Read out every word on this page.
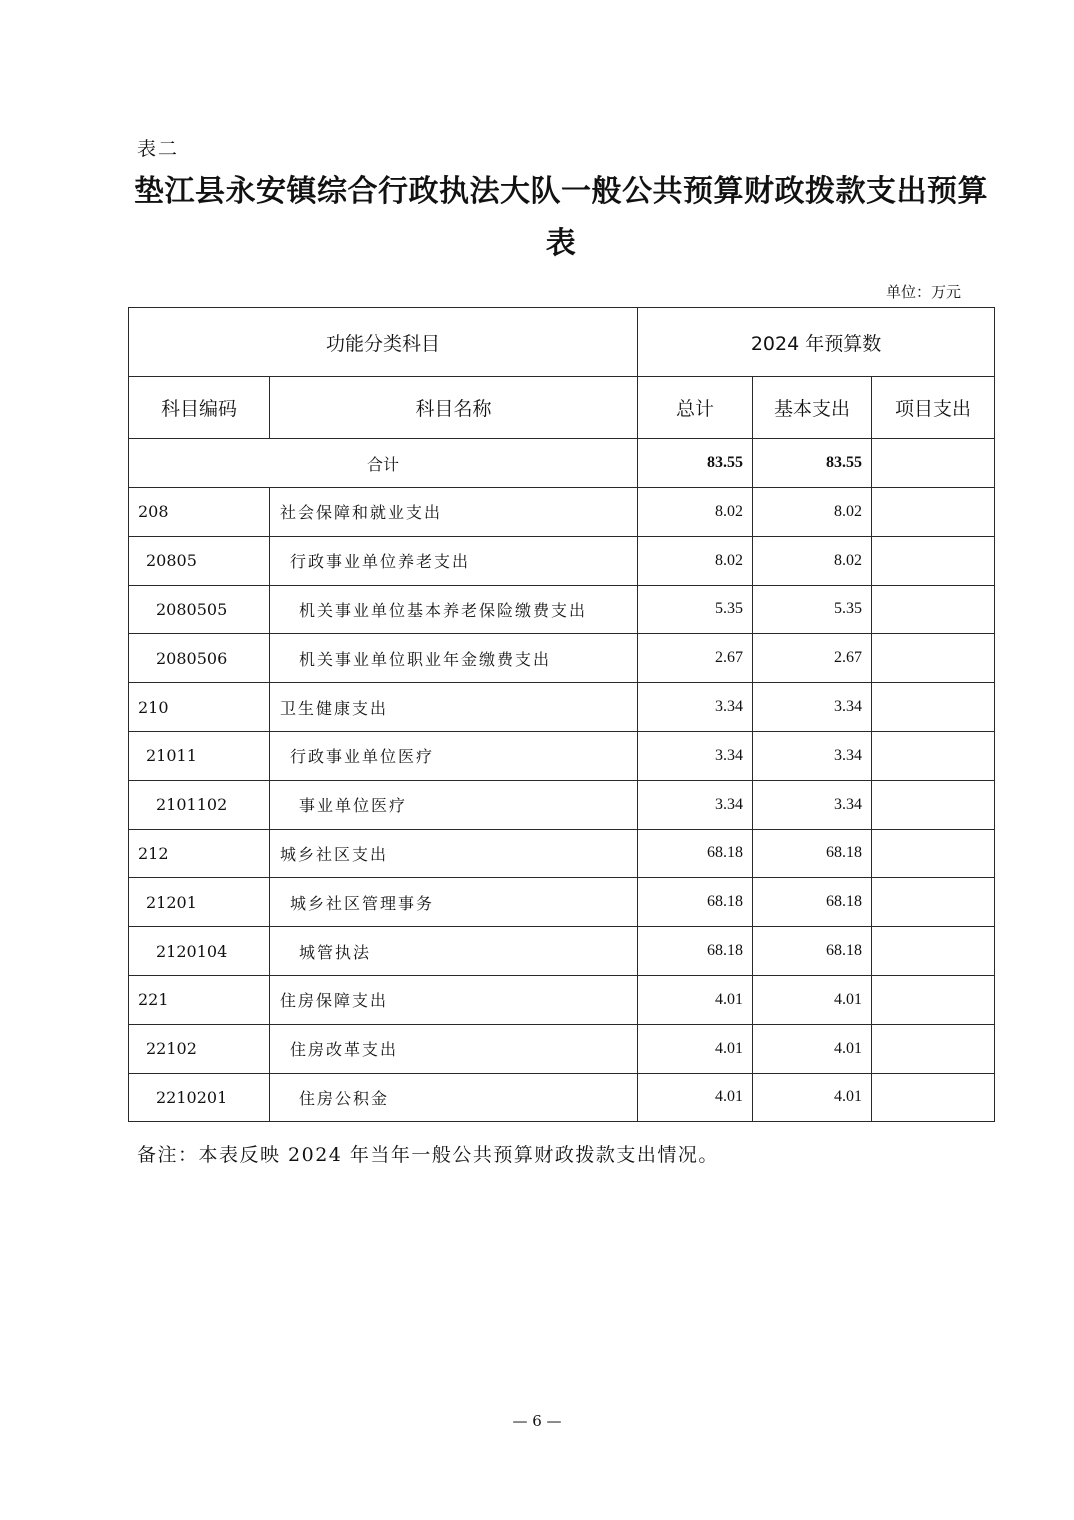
表二
垫江县永安镇综合行政执法大队一般公共预算财政拨款支出预算表
单位：万元
功能分类科目		2024 年预算数		
科目编码	科目名称	总计	基本支出	项目支出
合计		83.55	83.55	
208	社会保障和就业支出	8.02	8.02	
20805	行政事业单位养老支出	8.02	8.02	
2080505	机关事业单位基本养老保险缴费支出	5.35	5.35	
2080506	机关事业单位职业年金缴费支出	2.67	2.67	
210	卫生健康支出	3.34	3.34	
21011	行政事业单位医疗	3.34	3.34	
2101102	事业单位医疗	3.34	3.34	
212	城乡社区支出	68.18	68.18	
21201	城乡社区管理事务	68.18	68.18	
2120104	城管执法	68.18	68.18	
221	住房保障支出	4.01	4.01	
22102	住房改革支出	4.01	4.01	
2210201	住房公积金	4.01	4.01	
备注：本表反映 2024 年当年一般公共预算财政拨款支出情况。
— 6 —
